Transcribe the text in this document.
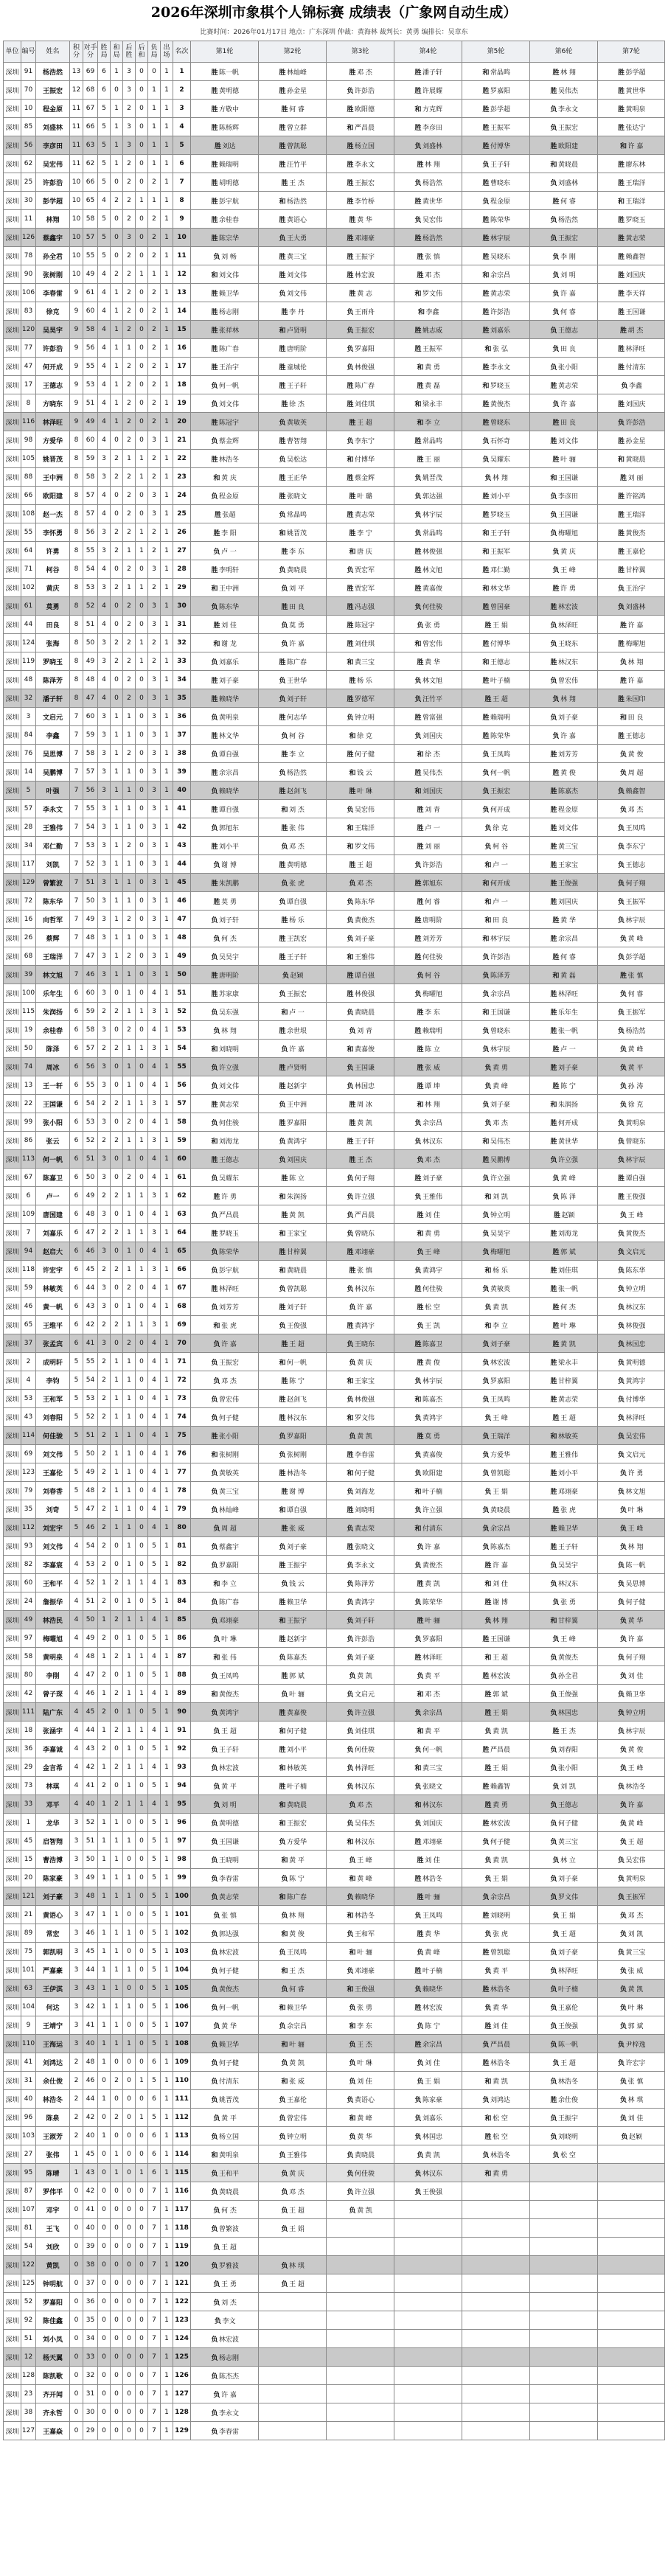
2026年深圳市象棋个人锦标赛 成绩表（广象网自动生成）
比赛时间：2026年01月17日 地点：广东深圳 仲裁：黄海林 裁判长：黄勇 编排长：吴章东
单位	编号	姓名	积分	对手分	胜局	和局	后胜	后和	负局	出场	名次	第1轮	第2轮	第3轮	第4轮	第5轮	第6轮	第7轮
深圳	91	杨浩然	13	69	6	1	3	0	0	1	1	胜 陈一帆	胜 林灿峰	胜 邓 杰	胜 潘子轩	和 常晶鸣	胜 林 翔	胜 彭学超
深圳	70	王振宏	12	68	6	0	3	0	1	1	2	胜 黄明德	胜 孙金星	负 许彭浩	胜 许展耀	胜 罗嘉阳	胜 吴伟杰	胜 黄世华
深圳	10	程金原	11	67	5	1	2	0	1	1	3	胜 方敬中	胜 何 睿	胜 欧阳德	和 方克辉	胜 彭学超	负 李永文	胜 黄明泉
深圳	85	刘盛林	11	66	5	1	3	0	1	1	4	胜 陈杨辉	胜 曾立群	和 严昌晨	胜 李彦田	胜 王振军	负 王振宏	胜 张达宁
深圳	56	李彦田	11	63	5	1	3	0	1	1	5	胜 刘达	胜 曾凯聪	胜 杨立国	负 刘盛林	胜 付博华	胜 欧阳建	和 许 嘉
深圳	62	吴宏伟	11	62	5	1	2	0	1	1	6	胜 赖瑞明	胜 汪竹平	胜 李永文	胜 林 翔	负 王子轩	和 黄晓晨	胜 廖东林
深圳	25	许彭浩	10	66	5	0	2	0	2	1	7	胜 胡明德	胜 王 杰	胜 王振宏	负 杨浩然	胜 曹晓东	负 刘盛林	胜 王瑞洋
深圳	30	彭学超	10	65	4	2	2	1	1	1	8	胜 彭宇航	和 杨浩然	胜 李竹桥	胜 黄世华	负 程金原	胜 何 睿	和 王瑞洋
深圳	11	林翔	10	58	5	0	2	0	2	1	9	胜 余桂春	胜 黄语心	胜 黄 华	负 吴宏伟	胜 陈荣华	负 杨浩然	胜 罗晓玉
深圳	126	蔡鑫宇	10	57	5	0	3	0	2	1	10	胜 陈宗华	负 王大勇	胜 邓翊豪	胜 杨浩然	胜 林宇辰	负 王振宏	胜 黄志荣
深圳	78	孙全君	10	55	5	0	2	0	2	1	11	负 刘 畅	胜 黄三宝	胜 王振宇	胜 张 慎	胜 吴晓东	负 李 刚	胜 赖鑫智
深圳	90	张树刚	10	49	4	2	2	1	1	1	12	和 刘文伟	胜 刘文伟	胜 林宏波	胜 邓 杰	和 余宗昌	负 刘 明	胜 刘国庆
深圳	106	李春雷	9	61	4	1	2	0	2	1	13	胜 赖卫华	负 刘文伟	胜 黄 志	和 罗文伟	胜 黄志荣	负 许 嘉	胜 李天祥
深圳	83	徐克	9	60	4	1	2	0	2	1	14	胜 杨志刚	胜 李 丹	负 王雨舟	和 李鑫	胜 许彭浩	负 何 睿	胜 王国谦
深圳	120	吴昊宇	9	58	4	1	2	0	2	1	15	胜 张祥林	和 卢贤明	负 王振宏	胜 姚志威	胜 刘嘉乐	负 王德志	胜 胡 杰
深圳	77	许彭浩	9	56	4	1	1	0	2	1	16	胜 陈广春	胜 唐明阶	负 罗嘉阳	胜 王振军	和 张 弘	负 田 良	胜 林泽旺
深圳	47	何开成	9	55	4	1	2	0	2	1	17	胜 王治宇	胜 童城伦	负 林俊强	和 黄 勇	胜 李永文	负 张小阳	胜 付清东
深圳	17	王德志	9	53	4	1	2	0	2	1	18	负 何一帆	胜 王子轩	胜 陈广春	胜 黄 磊	和 罗晓玉	胜 黄志荣	负 李鑫
深圳	8	方晓东	9	51	4	1	2	0	2	1	19	负 刘文伟	胜 徐 杰	胜 刘佳琪	和 梁永丰	胜 黄俊杰	负 许 嘉	胜 刘国庆
深圳	116	林泽旺	9	49	4	1	2	0	2	1	20	胜 陈冠宇	负 黄敏英	胜 王 超	和 李 立	胜 曾晓东	胜 田 良	负 许彭浩
深圳	98	方爱华	8	60	4	0	2	0	3	1	21	负 蔡金辉	胜 曹智翔	负 李东宁	胜 常晶鸣	负 石怀奇	胜 刘文伟	胜 孙金星
深圳	105	姚晋茂	8	59	3	2	1	1	2	1	22	胜 林浩冬	负 吴松达	和 付博华	胜 王 丽	负 吴耀东	胜 叶 骊	和 黄晓晨
深圳	88	王中洲	8	58	3	2	2	1	2	1	23	和 黄 庆	胜 王正华	胜 蔡金辉	负 姚晋茂	负 林 翔	和 王国谦	胜 刘 丽
深圳	66	欧阳建	8	57	4	0	2	0	3	1	24	负 程金原	胜 张晓文	胜 叶 璐	负 郭达强	胜 刘小平	负 李彦田	胜 许铭鸿
深圳	108	赵一杰	8	57	4	0	2	0	3	1	25	胜 张超	负 常晶鸣	胜 黄志荣	负 林宇辰	胜 罗晓玉	负 王国谦	胜 王瑞洋
深圳	55	李怀勇	8	56	3	2	2	1	2	1	26	胜 李 阳	和 姚晋茂	胜 李 宁	负 常晶鸣	和 王子轩	负 梅曜旭	胜 黄俊杰
深圳	64	许勇	8	55	3	2	1	1	2	1	27	负 卢 一	胜 李 东	和 唐 庆	胜 林俊强	和 王振军	负 黄 庆	胜 王嘉伦
深圳	71	柯谷	8	54	4	0	2	0	3	1	28	胜 李明轩	负 黄晓晨	负 贾宏军	胜 林文旭	胜 邓仁勤	负 王 峰	胜 甘梓翼
深圳	102	黄庆	8	53	3	2	1	1	2	1	29	和 王中洲	负 刘 平	胜 贾宏军	胜 黄嘉俊	和 林文华	胜 许 勇	负 王治宇
深圳	61	莫勇	8	52	4	0	2	0	3	1	30	负 陈东华	胜 田 良	胜 冯志强	负 何佳骏	胜 曾国豪	胜 林宏波	负 刘盛林
深圳	44	田良	8	51	4	0	2	0	3	1	31	胜 刘 佳	负 莫 勇	胜 陈冠宇	负 张 勇	胜 王 娟	负 林泽旺	胜 许 嘉
深圳	124	张海	8	50	3	2	2	1	2	1	32	和 谢 龙	负 许 嘉	胜 刘佳琪	和 曾宏伟	胜 付博华	负 王晓东	胜 梅曜旭
深圳	119	罗晓玉	8	49	3	2	2	1	2	1	33	负 刘嘉乐	胜 陈广春	和 黄三宝	胜 黄 华	和 王德志	胜 林汉东	负 林 翔
深圳	48	陈泽芳	8	48	4	0	2	0	3	1	34	胜 刘子豪	负 王世华	胜 杨 乐	负 林文旭	胜 叶子楠	负 曾宏伟	胜 许 嘉
深圳	32	潘子轩	8	47	4	0	2	0	3	1	35	胜 赖晓华	负 刘子轩	胜 罗德军	负 汪竹平	胜 王 超	负 林 翔	胜 朱国印
深圳	3	文启元	7	60	3	1	1	0	3	1	36	负 黄明泉	胜 何志华	负 钟立明	胜 曾富强	胜 赖瑞明	负 刘子豪	和 田 良
深圳	84	李鑫	7	59	3	1	1	0	3	1	37	胜 林文华	负 柯 谷	和 徐 克	负 刘国庆	胜 陈荣华	负 许 嘉	胜 王德志
深圳	76	吴思博	7	58	3	1	2	0	3	1	38	负 谭自强	胜 李 立	胜 何子健	和 徐 杰	负 王凤鸣	胜 刘芳芳	负 黄 俊
深圳	14	吴鹏博	7	57	3	1	1	0	3	1	39	胜 余宗昌	负 杨浩然	和 钱 云	胜 吴伟杰	负 何一帆	胜 黄 俊	负 周 超
深圳	5	叶强	7	56	3	1	1	0	3	1	40	负 赖晓华	胜 赵剑飞	胜 叶 琳	和 刘国庆	负 王振宏	胜 陈嘉杰	负 赖鑫智
深圳	57	李永文	7	55	3	1	1	0	3	1	41	胜 谭自强	和 刘 杰	负 吴宏伟	胜 刘 青	负 何开成	胜 程金原	负 邓 杰
深圳	28	王雅伟	7	54	3	1	1	0	3	1	42	负 郭旭东	胜 张 伟	和 王瑞洋	胜 卢 一	负 徐 克	胜 刘文伟	负 王凤鸣
深圳	34	邓仁勤	7	53	3	1	2	0	3	1	43	胜 刘小平	负 邓 杰	和 罗文伟	胜 刘 丽	负 柯 谷	胜 黄三宝	负 李东宁
深圳	117	刘凯	7	52	3	1	1	0	3	1	44	负 谢 博	胜 黄明德	胜 王 超	负 许彭浩	和 卢 一	胜 王家宝	负 王德志
深圳	129	曾繁波	7	51	3	1	1	0	3	1	45	胜 朱凯鹏	负 张 虎	负 邓 杰	胜 郭旭东	和 何开成	胜 王俊强	负 何子翔
深圳	72	陈东华	7	50	3	1	1	0	3	1	46	胜 莫 勇	负 谭自强	负 陈东华	胜 何 睿	和 卢 一	胜 刘国庆	负 王振军
深圳	16	向哲军	7	49	3	1	2	0	3	1	47	负 刘子轩	胜 杨 乐	负 黄俊杰	胜 唐明阶	和 田 良	胜 黄 华	负 林宇辰
深圳	26	蔡辉	7	48	3	1	1	0	3	1	48	负 何 杰	胜 王凯宏	负 刘子豪	胜 刘芳芳	和 林宇辰	胜 余宗昌	负 黄 峰
深圳	68	王瑞洋	7	47	3	1	2	0	3	1	49	负 吴昊宇	胜 王子轩	和 王雅伟	胜 何佳骏	负 许彭浩	胜 何 睿	负 彭学超
深圳	39	林文旭	7	46	3	1	1	0	3	1	50	胜 唐明阶	负 赵颖	胜 谭自强	负 柯 谷	负 陈泽芳	和 黄 磊	胜 张 慎
深圳	100	乐年生	6	60	3	0	1	0	4	1	51	胜 苏家康	负 王振宏	胜 林俊强	负 梅曜旭	负 余宗昌	胜 林泽旺	负 何 睿
深圳	115	朱润扬	6	59	2	2	1	1	3	1	52	负 吴东强	和 卢 一	负 黄晓晨	胜 李 东	和 王国谦	胜 乐年生	负 王振军
深圳	19	余桂春	6	58	3	0	2	0	4	1	53	负 林 翔	胜 余世垠	负 刘 青	胜 赖瑞明	负 曾晓东	胜 张一帆	负 杨浩然
深圳	50	陈泽	6	57	2	2	1	1	3	1	54	和 刘晓明	负 许 嘉	和 黄嘉俊	胜 陈 立	负 林宇辰	胜 卢 一	负 黄 峰
深圳	74	周冰	6	56	3	0	1	0	4	1	55	负 许立强	胜 卢贤明	负 王国谦	胜 张 威	负 黄 勇	胜 刘子豪	负 黄 平
深圳	13	王一轩	6	55	3	0	1	0	4	1	56	负 刘文伟	胜 赵新宇	负 林国忠	胜 谭 坤	负 黄 峰	胜 陈 宁	负 孙 涛
深圳	22	王国谦	6	54	2	2	1	1	3	1	57	胜 黄志荣	负 王中洲	胜 周 冰	和 林 翔	负 刘子豪	和 朱润扬	负 徐 克
深圳	99	张小阳	6	53	3	0	2	0	4	1	58	负 何佳骏	胜 罗嘉阳	胜 黄 凯	负 余宗昌	负 邓 杰	胜 何开成	负 黄明泉
深圳	86	张云	6	52	2	2	1	1	3	1	59	和 刘海龙	负 黄鸿宇	胜 王子轩	负 林汉东	和 吴伟杰	胜 黄世华	负 曾晓东
深圳	113	何一帆	6	51	3	0	1	0	4	1	60	胜 王德志	负 刘国庆	胜 王 杰	负 邓 杰	胜 吴鹏博	负 许立强	负 林宇辰
深圳	67	陈嘉卫	6	50	3	0	2	0	4	1	61	负 吴耀东	胜 陈 立	负 何子翔	胜 刘子豪	负 许立强	负 黄 峰	胜 谭自强
深圳	6	卢一	6	49	2	2	1	1	3	1	62	胜 许 勇	和 朱润扬	负 许立强	负 王雅伟	和 刘 凯	负 陈 泽	胜 王俊强
深圳	109	唐国建	6	48	3	0	1	0	4	1	63	负 严昌晨	胜 黄 凯	负 严昌晨	胜 刘 佳	负 钟立明	胜 赵颖	负 王 峰
深圳	7	刘嘉乐	6	47	2	2	1	1	3	1	64	胜 罗晓玉	和 王家宝	负 曾晓东	和 黄 勇	负 吴昊宇	胜 刘海龙	负 黄俊杰
深圳	94	赵启大	6	46	3	0	1	0	4	1	65	负 陈荣华	胜 甘梓翼	胜 邓翊豪	负 王 峰	负 梅曜旭	胜 郭 斌	负 文启元
深圳	118	许宏宇	6	45	2	2	1	1	3	1	66	负 彭宇航	和 黄晓晨	胜 张 慎	负 黄鸿宇	和 杨 乐	胜 刘佳琪	负 陈东华
深圳	59	林敏英	6	44	3	0	2	0	4	1	67	胜 林泽旺	负 曾凯聪	负 林汉东	胜 何佳骏	负 黄敏英	胜 张一帆	负 钟立明
深圳	46	黄一帆	6	43	3	0	1	0	4	1	68	负 刘芳芳	胜 刘子轩	负 许 嘉	胜 松 空	负 黄 凯	胜 何 杰	负 林汉东
深圳	65	王维平	6	42	2	2	1	1	3	1	69	和 张 虎	负 王俊强	胜 黄鸿宇	负 王 凯	和 李 立	胜 叶 琳	负 林俊强
深圳	37	张孟宾	6	41	3	0	2	0	4	1	70	负 许 嘉	胜 王 超	负 王晓东	胜 陈嘉卫	负 刘子豪	胜 黄 凯	负 林国忠
深圳	2	成明轩	5	55	2	1	1	0	4	1	71	负 王振宏	和 何一帆	负 黄 庆	胜 黄 俊	负 林宏波	胜 梁永丰	负 黄明德
深圳	4	李钧	5	54	2	1	1	0	4	1	72	负 邓 杰	胜 陈 宁	和 王家宝	负 林宇辰	负 罗嘉阳	胜 甘梓翼	负 黄鸿宇
深圳	53	王和军	5	53	2	1	1	0	4	1	73	负 曾宏伟	胜 赵剑飞	负 林俊强	和 陈嘉杰	负 王凤鸣	胜 黄志荣	负 付博华
深圳	43	刘春阳	5	52	2	1	1	0	4	1	74	负 何子健	胜 林汉东	和 罗文伟	负 黄鸿宇	负 王 峰	胜 王 超	负 林泽旺
深圳	114	何佳骏	5	51	2	1	1	0	4	1	75	胜 张小阳	负 罗嘉阳	负 黄 凯	胜 莫 勇	负 王瑞洋	和 林敏英	负 吴宏伟
深圳	69	刘文伟	5	50	2	1	1	0	4	1	76	和 张树刚	负 张树刚	胜 李春雷	负 黄嘉俊	负 方爱华	胜 王雅伟	负 文启元
深圳	123	王嘉伦	5	49	2	1	1	0	4	1	77	负 黄敏英	胜 林浩冬	和 何子健	负 欧阳建	负 曾凯聪	胜 刘小平	负 许 勇
深圳	79	刘春香	5	48	2	1	1	0	4	1	78	负 黄三宝	胜 谢 博	负 刘海龙	和 叶子楠	负 王 娟	胜 邓翊豪	负 林文旭
深圳	35	刘奇	5	47	2	1	1	0	4	1	79	负 林灿峰	和 谭自强	胜 刘晓明	负 许立强	负 黄晓晨	胜 张 虎	负 叶 琳
深圳	112	刘宏宇	5	46	2	1	1	0	4	1	80	负 周 超	胜 张 威	负 黄志荣	和 付清东	负 余宗昌	胜 赖卫华	负 王 峰
深圳	93	刘文伟	4	54	2	0	1	0	5	1	81	负 蔡鑫宇	负 刘子豪	胜 张晓文	负 许 嘉	负 陈嘉杰	胜 王子轩	负 林 翔
深圳	82	李嘉宸	4	53	2	0	1	0	5	1	82	负 罗嘉阳	胜 王振宇	负 李永文	负 黄俊杰	胜 许 嘉	负 吴昊宇	负 陈一帆
深圳	60	王和平	4	52	1	2	1	1	4	1	83	和 李 立	负 钱 云	负 陈泽芳	胜 黄 凯	和 刘 佳	负 林汉东	负 吴思博
深圳	24	詹振华	4	51	2	0	1	0	5	1	84	负 陈广春	胜 赖卫华	负 黄鸿宇	负 陈荣华	胜 谢 博	负 张 勇	负 何子健
深圳	49	林浩民	4	50	1	2	1	1	4	1	85	负 邓翊豪	和 王振宇	负 刘子轩	胜 叶 骊	负 林 翔	和 甘梓翼	负 黄 华
深圳	97	梅曜旭	4	49	2	0	1	0	5	1	86	负 叶 琳	胜 赵新宇	负 许彭浩	负 罗嘉阳	胜 王国谦	负 王 峰	负 许 嘉
深圳	58	黄明泉	4	48	1	2	1	1	4	1	87	和 张 伟	负 陈嘉杰	负 刘子豪	胜 林泽旺	和 王 超	负 黄俊杰	负 何子翔
深圳	80	李刚	4	47	2	0	1	0	5	1	88	负 王凤鸣	胜 郭 斌	负 黄 凯	负 黄 平	胜 林宏波	负 孙全君	负 刘 佳
深圳	42	曾子琛	4	46	1	2	1	1	4	1	89	和 黄俊杰	负 叶 骊	负 文启元	和 邓 杰	胜 郭 斌	负 王俊强	负 赖卫华
深圳	111	陆广东	4	45	2	0	1	0	5	1	90	负 黄鸿宇	胜 黄嘉俊	负 许立强	负 余宗昌	胜 王 娟	负 林国忠	负 钟立明
深圳	18	张涵宇	4	44	1	2	1	1	4	1	91	负 王 超	和 何子健	负 刘佳琪	和 黄 平	负 黄 凯	胜 王 杰	负 林宇辰
深圳	36	李嘉诚	4	43	2	0	1	0	5	1	92	负 王子轩	胜 刘小平	负 何佳骏	负 何一帆	胜 严昌晨	负 刘春阳	负 黄 俊
深圳	29	金言希	4	42	1	2	1	1	4	1	93	负 林宏波	和 林敏英	负 林泽旺	和 黄三宝	胜 王 娟	负 张小阳	负 王 峰
深圳	73	林琪	4	41	2	0	1	0	5	1	94	负 黄 平	胜 叶子楠	负 林汉东	负 张晓文	胜 赖鑫智	负 刘 凯	负 林浩冬
深圳	33	邓平	4	40	1	2	1	1	4	1	95	负 刘 明	和 黄晓晨	负 邓 杰	和 林汉东	胜 黄 勇	负 王德志	负 许 嘉
深圳	1	龙华	3	52	1	1	0	0	5	1	96	负 黄明德	和 王振宏	负 吴伟杰	负 刘国庆	胜 林宏波	负 何子健	负 黄 峰
深圳	45	启智翔	3	51	1	1	1	0	5	1	97	负 王国谦	负 方爱华	和 林汉东	胜 邓翊豪	负 何子健	负 黄三宝	负 王 超
深圳	15	曹浩博	3	50	1	1	0	0	5	1	98	负 王晓明	和 黄 平	负 王 峰	胜 刘 佳	负 黄 凯	负 林 立	负 吴宏伟
深圳	20	陈家豪	3	49	1	1	1	0	5	1	99	负 李春雷	负 陈 宁	和 黄 峰	胜 林浩冬	负 王 娟	负 刘子豪	负 黄明泉
深圳	121	刘子豪	3	48	1	1	1	0	5	1	100	负 黄志荣	和 陈广春	负 赖晓华	胜 叶 骊	负 余宗昌	负 罗文伟	负 王振军
深圳	21	黄语心	3	47	1	1	0	0	5	1	101	负 张 慎	负 林 翔	和 林浩冬	负 王凤鸣	胜 刘晓明	负 王 娟	负 邓 杰
深圳	89	常宏	3	46	1	1	1	0	5	1	102	负 郭达强	和 黄 俊	负 王和军	胜 黄 华	负 张 虎	负 王 超	负 刘 凯
深圳	75	郭凯明	3	45	1	1	0	0	5	1	103	负 林宏波	负 王凤鸣	和 叶 骊	负 黄 峰	胜 曾凯聪	负 刘子豪	负 黄三宝
深圳	101	严嘉豪	3	44	1	1	1	0	5	1	104	负 何子健	和 王 杰	负 邓翊豪	胜 叶子楠	负 黄 平	负 林泽旺	负 张 威
深圳	63	王伊淇	3	43	1	1	0	0	5	1	105	负 黄俊杰	负 何 睿	和 王俊强	负 赖晓华	胜 林浩冬	负 叶子楠	负 黄 凯
深圳	104	何达	3	42	1	1	1	0	5	1	106	负 何一帆	和 赖卫华	负 张 勇	胜 林宏波	负 黄 华	负 王嘉伦	负 叶 琳
深圳	9	王靖宁	3	41	1	1	0	0	5	1	107	负 黄 华	负 余宗昌	和 李 东	负 陈 宁	胜 刘 佳	负 王俊强	负 郭 斌
深圳	110	王海运	3	40	1	1	1	0	5	1	108	负 赖卫华	和 叶 骊	负 王 杰	胜 余宗昌	负 严昌晨	负 陈一帆	负 尹梓逸
深圳	41	刘鸿达	2	48	1	0	0	0	6	1	109	负 何子健	负 黄 凯	负 叶 琳	负 刘 佳	胜 林浩冬	负 王 超	负 许宏宇
深圳	31	余仕俊	2	46	0	2	0	1	5	1	110	负 付清东	和 张 威	负 刘 佳	负 王 娟	和 黄 凯	负 林浩冬	负 张 慎
深圳	40	林浩冬	2	44	1	0	0	0	6	1	111	负 姚晋茂	负 王嘉伦	负 黄语心	负 陈家豪	负 刘鸿达	胜 余仕俊	负 林 琪
深圳	96	陈泉	2	42	0	2	0	1	5	1	112	负 黄 平	负 曾宏伟	和 黄 峰	负 刘嘉乐	和 松 空	负 王振宇	负 刘 佳
深圳	103	王淑芳	2	40	1	0	0	0	6	1	113	负 杨立国	负 钟立明	负 黄 华	负 林国忠	胜 松 空	负 刘晓明	负 赵颖
深圳	27	张伟	1	45	0	1	0	0	6	1	114	和 黄明泉	负 王雅伟	负 黄晓晨	负 黄 凯	负 林浩冬	负 松 空	
深圳	95	陈晴	1	43	0	1	0	1	6	1	115	负 王和平	负 黄 庆	负 何佳骏	负 林汉东	和 黄 勇		
深圳	87	罗伟平	0	42	0	0	0	0	7	1	116	负 黄晓晨	负 邓 杰	负 许立强	负 王俊强			
深圳	107	邓宇	0	41	0	0	0	0	7	1	117	负 何 杰	负 王 超	负 黄 凯				
深圳	81	王飞	0	40	0	0	0	0	7	1	118	负 曾繁波	负 王 娟					
深圳	54	刘欣	0	39	0	0	0	0	7	1	119	负 王 超						
深圳	122	黄凯	0	38	0	0	0	0	7	1	120	负 罗雅波	负 林 琪					
深圳	125	钟明航	0	37	0	0	0	0	7	1	121	负 王 勇	负 王 超					
深圳	52	罗嘉阳	0	36	0	0	0	0	7	1	122	负 刘 杰						
深圳	92	陈佳鑫	0	35	0	0	0	0	7	1	123	负 李文						
深圳	51	刘小凤	0	34	0	0	0	0	7	1	124	负 林宏波						
深圳	12	杨天翼	0	33	0	0	0	0	7	1	125	负 杨志刚						
深圳	128	陈凯歌	0	32	0	0	0	0	7	1	126	负 陈杰杰						
深圳	23	齐开闻	0	31	0	0	0	0	7	1	127	负 许 嘉						
深圳	38	齐永哲	0	30	0	0	0	0	7	1	128	负 李永文						
深圳	127	王嘉焱	0	29	0	0	0	0	7	1	129	负 李春雷						
